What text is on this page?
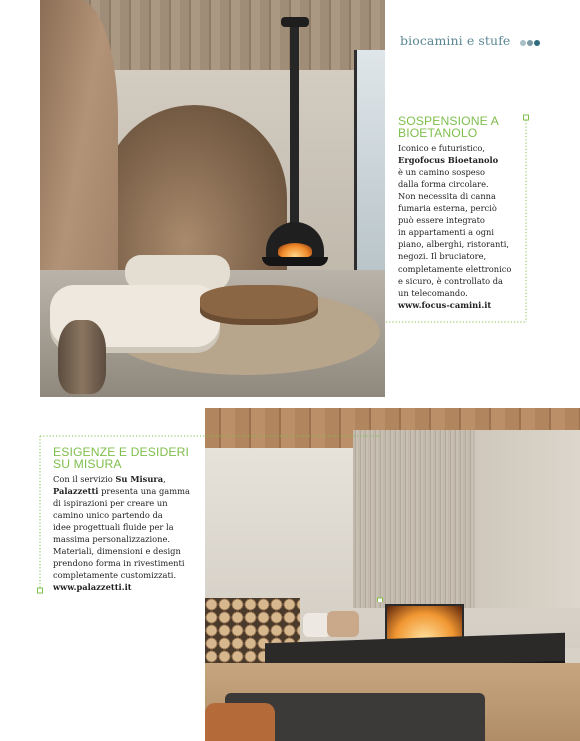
biocamini e stufe
SOSPENSIONE A
BIOETANOLO
Iconico e futuristico,
Ergofocus Bioetanolo
è un camino sospeso
dalla forma circolare.
Non necessita di canna
fumaria esterna, perciò
può essere integrato
in appartamenti a ogni
piano, alberghi, ristoranti,
negozi. Il bruciatore,
completamente elettronico
e sicuro, è controllato da
un telecomando.
www.focus-camini.it
ESIGENZE E DESIDERI
SU MISURA
Con il servizio Su Misura,
Palazzetti presenta una gamma
di ispirazioni per creare un
camino unico partendo da
idee progettuali fluide per la
massima personalizzazione.
Materiali, dimensioni e design
prendono forma in rivestimenti
completamente customizzati.
www.palazzetti.it
